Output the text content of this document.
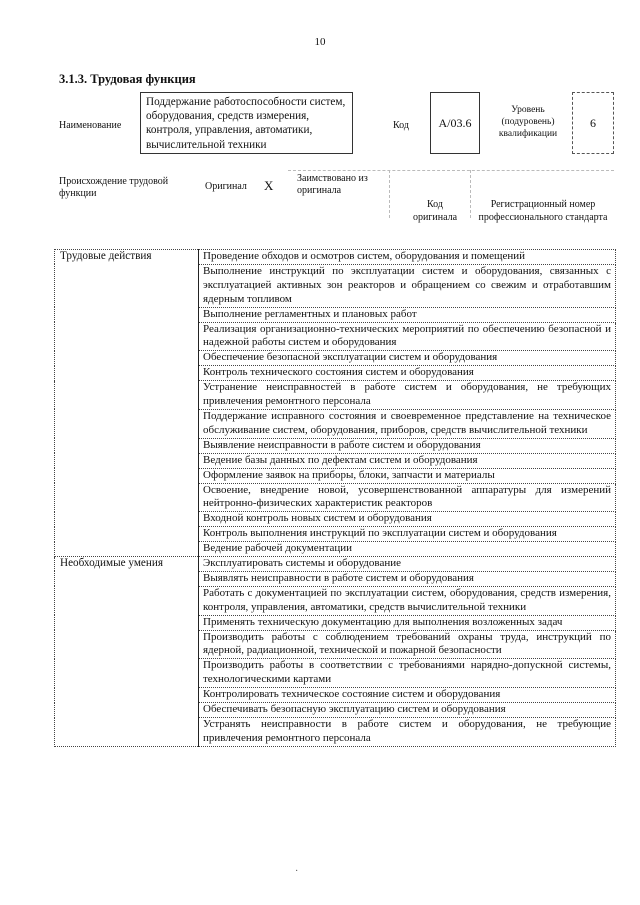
10
3.1.3. Трудовая функция
Наименование
Поддержание работоспособности систем, оборудования, средств измерения, контроля, управления, автоматики, вычислительной техники
Код	А/03.6
Уровень (подуровень) квалификации
6
Происхождение трудовой функции
Оригинал Х Заимствовано из оригинала
Код оригинала
Регистрационный номер профессионального стандарта
Трудовые действия	Проведение обходов и осмотров систем, оборудования и помещений
	Выполнение инструкций по эксплуатации систем и оборудования, связанных с эксплуатацией активных зон реакторов и обращением со свежим и отработавшим ядерным топливом
	Выполнение регламентных и плановых работ
	Реализация организационно-технических мероприятий по обеспечению безопасной и надежной работы систем и оборудования
	Обеспечение безопасной эксплуатации систем и оборудования
	Контроль технического состояния систем и оборудования
	Устранение неисправностей в работе систем и оборудования, не требующих привлечения ремонтного персонала
	Поддержание исправного состояния и своевременное представление на техническое обслуживание систем, оборудования, приборов, средств вычислительной техники
	Выявление неисправности в работе систем и оборудования
	Ведение базы данных по дефектам систем и оборудования
	Оформление заявок на приборы, блоки, запчасти и материалы
	Освоение, внедрение новой, усовершенствованной аппаратуры для измерений нейтронно-физических характеристик реакторов
	Входной контроль новых систем и оборудования
	Контроль выполнения инструкций по эксплуатации систем и оборудования
	Ведение рабочей документации
Необходимые умения	Эксплуатировать системы и оборудование
	Выявлять неисправности в работе систем и оборудования
	Работать с документацией по эксплуатации систем, оборудования, средств измерения, контроля, управления, автоматики, средств вычислительной техники
	Применять техническую документацию для выполнения возложенных задач
	Производить работы с соблюдением требований охраны труда, инструкций по ядерной, радиационной, технической и пожарной безопасности
	Производить работы в соответствии с требованиями нарядно-допускной системы, технологическими картами
	Контролировать техническое состояние систем и оборудования
	Обеспечивать безопасную эксплуатацию систем и оборудования
	Устранять неисправности в работе систем и оборудования, не требующие привлечения ремонтного персонала
·
